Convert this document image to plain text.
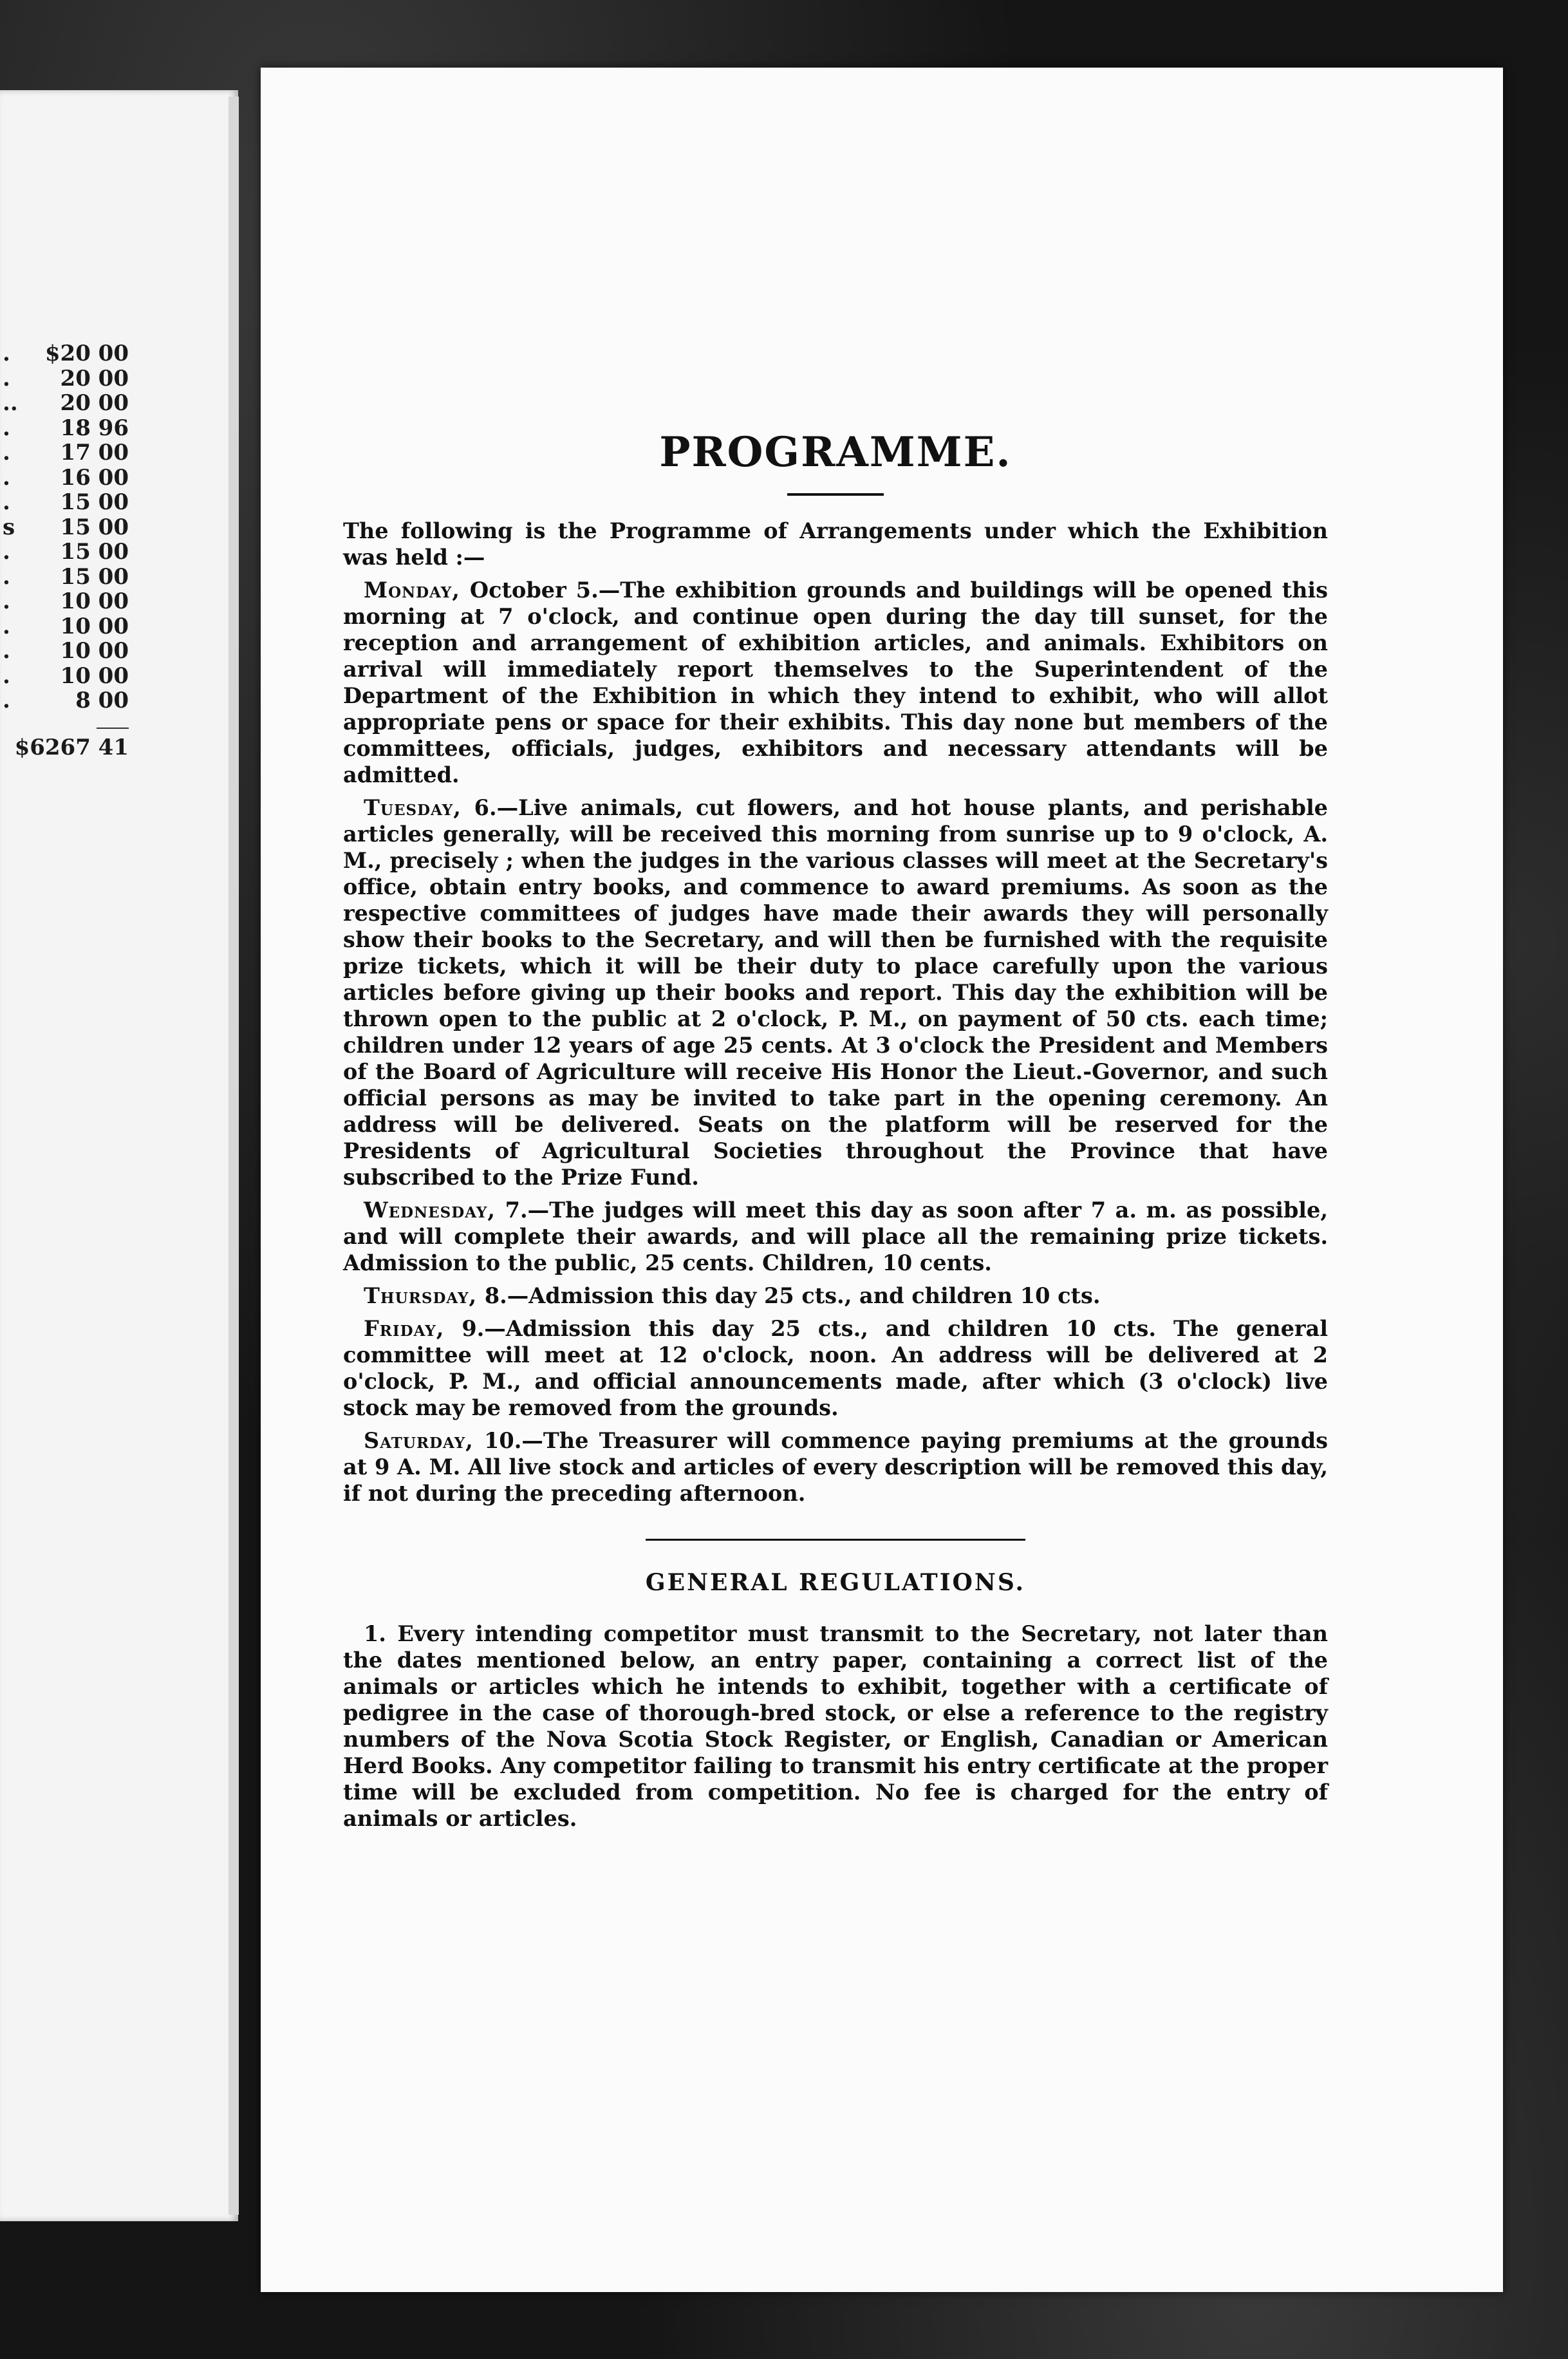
. $20 00
. 20 00
.. 20 00
. 18 96
. 17 00
. 16 00
. 15 00
s 15 00
. 15 00
. 15 00
. 10 00
. 10 00
. 10 00
. 10 00
.	8 00
$6267 41
PROGRAMME.

The following is the Programme of Arrangements under which the Exhibition was held :—

Monday, October 5.—The exhibition grounds and buildings will be opened this morning at 7 o'clock, and continue open during the day till sunset, for the reception and arrangement of exhibition articles, and animals. Exhibitors on arrival will immediately report themselves to the Superintendent of the Department of the Exhibition in which they intend to exhibit, who will allot appropriate pens or space for their exhibits. This day none but members of the committees, officials, judges, exhibitors and necessary attendants will be admitted.

Tuesday, 6.—Live animals, cut flowers, and hot house plants, and perishable articles generally, will be received this morning from sunrise up to 9 o'clock, A. M., precisely ; when the judges in the various classes will meet at the Secretary's office, obtain entry books, and commence to award premiums. As soon as the respective committees of judges have made their awards they will personally show their books to the Secretary, and will then be furnished with the requisite prize tickets, which it will be their duty to place carefully upon the various articles before giving up their books and report. This day the exhibition will be thrown open to the public at 2 o'clock, P. M., on payment of 50 cts. each time; children under 12 years of age 25 cents. At 3 o'clock the President and Members of the Board of Agriculture will receive His Honor the Lieut.-Governor, and such official persons as may be invited to take part in the opening ceremony. An address will be delivered. Seats on the platform will be reserved for the Presidents of Agricultural Societies throughout the Province that have subscribed to the Prize Fund.

Wednesday, 7.—The judges will meet this day as soon after 7 a. m. as possible, and will complete their awards, and will place all the remaining prize tickets. Admission to the public, 25 cents. Children, 10 cents.

Thursday, 8.—Admission this day 25 cts., and children 10 cts.

Friday, 9.—Admission this day 25 cts., and children 10 cts. The general committee will meet at 12 o'clock, noon. An address will be delivered at 2 o'clock, P. M., and official announcements made, after which (3 o'clock) live stock may be removed from the grounds.

Saturday, 10.—The Treasurer will commence paying premiums at the grounds at 9 A. M. All live stock and articles of every description will be removed this day, if not during the preceding afternoon.

GENERAL REGULATIONS.

1. Every intending competitor must transmit to the Secretary, not later than the dates mentioned below, an entry paper, containing a correct list of the animals or articles which he intends to exhibit, together with a certificate of pedigree in the case of thorough-bred stock, or else a reference to the registry numbers of the Nova Scotia Stock Register, or English, Canadian or American Herd Books. Any competitor failing to transmit his entry certificate at the proper time will be excluded from competition. No fee is charged for the entry of animals or articles.
